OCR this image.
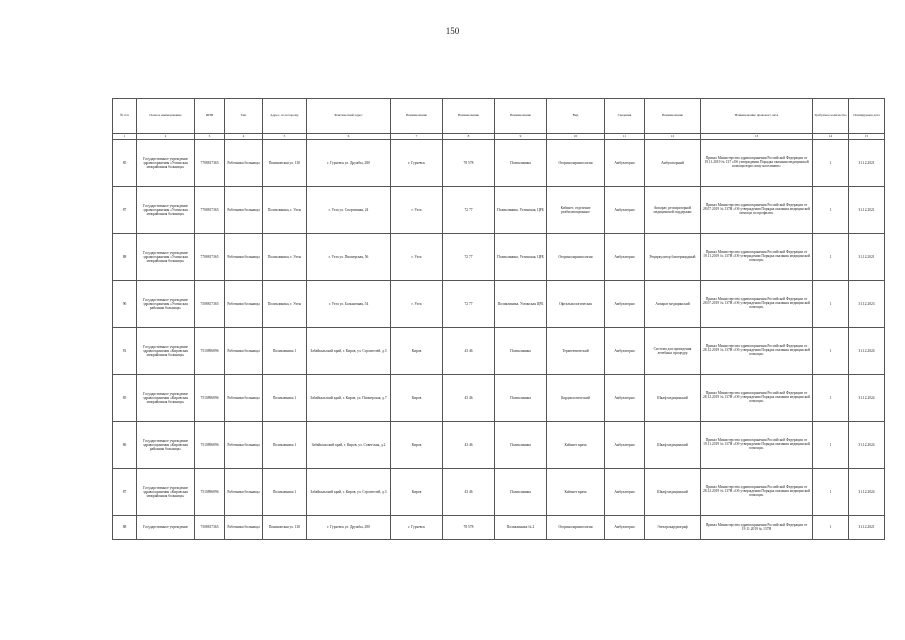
150
№ п/п	Полное наименование	ИНН	Тип	Адрес, по которому	Фактический адрес	Наименование	Наименование	Наименование	Вид	Сведения	Наименование	Наименование правового акта	Требуемое количество	Планируемая дата
1	2	3	4	5	6	7	8	9	10	11	12	13	14	15
85	Государственное учреждение здравоохранения «Ухтинская межрайонная больница»	7708817365	Работники больницы	Пониковская ул. 130	г. Гурьевск ул. Дружбы, 280	г. Гурьевск	78 578	Поликлиника	Оториноларингология	Амбулаторно	Амбулаторный	Приказ Министерства здравоохранения Российской Федерации от 19.11.2019 № 137 «Об утверждении Порядка оказания медицинской помощи взрослому населению»	1	31.12.2021
87	Государственное учреждение здравоохранения «Ухтинская межрайонная больница»	7708817365	Работники больницы	Поликлиника, г. Ухты	г. Ухта ул. Спортивная, 24	г. Ухта	72 77	Поликлиника, Ухтинская, ЦРБ	Кабинет, отделение реабилитационное	Амбулаторно	Аппарат, респираторной медицинской поддержки	Приказ Министерства здравоохранения Российской Федерации от 28.07.2019 № 137Н «Об утверждении Порядка оказания медицинской помощи по профилю»	1	31.12.2021
88	Государственное учреждение здравоохранения «Ухтинская межрайонная больница»	7708817365	Работники больницы	Поликлиника, г. Ухты	г. Ухта ул. Пионерская, 56	г. Ухта	72 77	Поликлиника, Ухтинская, ЦРБ	Оториноларингология	Амбулаторно	Рециркулятор бактерицидный	Приказ Министерства здравоохранения Российской Федерации от 19.11.2019 № 137Н «Об утверждении Порядка оказания медицинской помощи»	1	31.12.2021
90	Государственное учреждение здравоохранения «Ухтинская районная больница»	7508817365	Работники больницы	Поликлиника, г. Ухты	г. Ухта ул. Больничная, 54	г. Ухта	72 77	Поликлиника, Ухтинская ЦРБ	Офтальмологическая	Амбулаторно	Аппарат медицинский	Приказ Министерства здравоохранения Российской Федерации от 28.07.2019 № 137Н «Об утверждении Порядка оказания медицинской помощи»	1	31.12.2023
81	Государственное учреждение здравоохранения «Кировская межрайонная больница»	7510896896	Работники больницы	Поликлиника 1	Забайкальский край, г. Киров, ул. Строителей, д.3	Киров	43 46	Поликлиника	Терапевтический	Амбулаторно	Система для проведения лечебных процедур	Приказ Министерства здравоохранения Российской Федерации от 28.12.2019 № 137Н «Об утверждении Порядка оказания медицинской помощи»	1	31.12.2024
85	Государственное учреждение здравоохранения «Кировская межрайонная больница»	7510896896	Работники больницы	Поликлиника 1	Забайкальский край, г. Киров, ул. Пионерская, д.7	Киров	43 46	Поликлиника	Кардиологический	Амбулаторно	Шкаф медицинский	Приказ Министерства здравоохранения Российской Федерации от 28.12.2019 № 137Н «Об утверждении Порядка оказания медицинской помощи»	1	31.12.2024
86	Государственное учреждение здравоохранения «Кировская районная больница»	7510896896	Работники больницы	Поликлиника 1	Забайкальский край, г. Киров, ул. Советская, д.2	Киров	43 46	Поликлиника	Кабинет врача	Амбулаторно	Шкаф медицинский	Приказ Министерства здравоохранения Российской Федерации от 19.11.2019 № 137Н «Об утверждении Порядка оказания медицинской помощи»	1	31.12.2024
87	Государственное учреждение здравоохранения «Кировская межрайонная больница»	7510896896	Работники больницы	Поликлиника 1	Забайкальский край, г. Киров, ул. Строителей, д.3	Киров	43 46	Поликлиника	Кабинет врача	Амбулаторно	Шкаф медицинский	Приказ Министерства здравоохранения Российской Федерации от 28.12.2019 № 137Н «Об утверждении Порядка оказания медицинской помощи»	1	31.12.2024
88	Государственное учреждение	7508817365	Работники больницы	Пониковская ул. 130	г. Гурьевск ул. Дружбы, 280	г. Гурьевск	78 578	Поликлиника № 2	Оториноларингология	Амбулаторно	Электрокардиограф	Приказ Министерства здравоохранения Российской Федерации от 19.11.2019 № 137Н	1	31.12.2021
